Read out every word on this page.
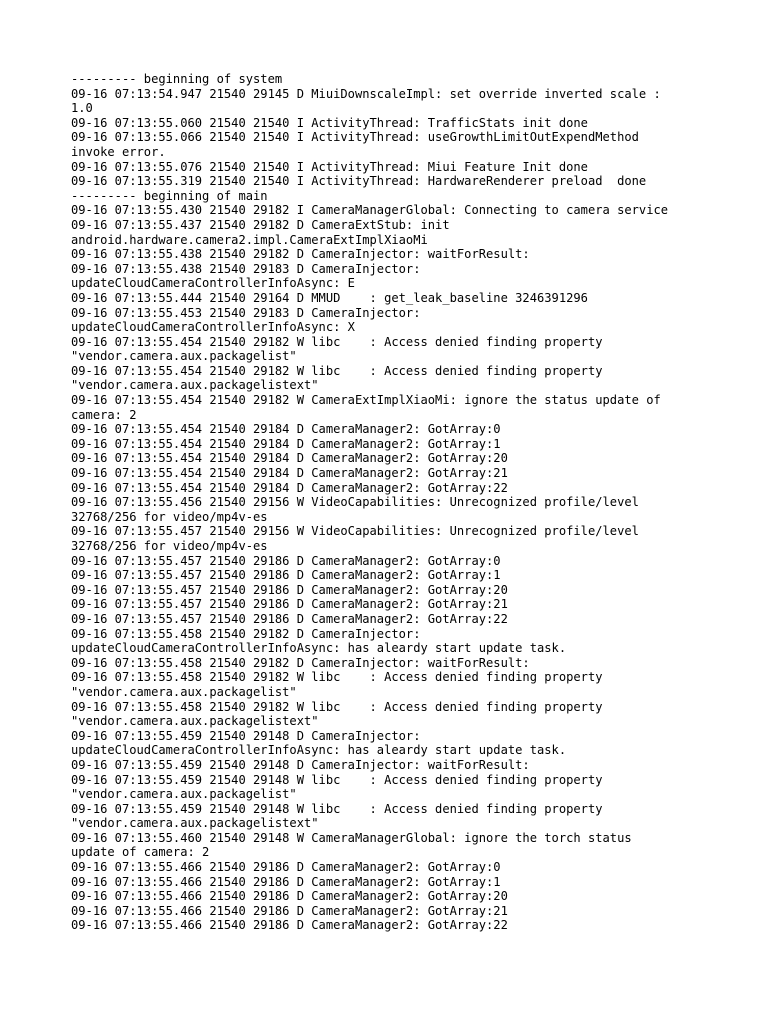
--------- beginning of system
09-16 07:13:54.947 21540 29145 D MiuiDownscaleImpl: set override inverted scale :
1.0
09-16 07:13:55.060 21540 21540 I ActivityThread: TrafficStats init done
09-16 07:13:55.066 21540 21540 I ActivityThread: useGrowthLimitOutExpendMethod
invoke error.
09-16 07:13:55.076 21540 21540 I ActivityThread: Miui Feature Init done
09-16 07:13:55.319 21540 21540 I ActivityThread: HardwareRenderer preload  done
--------- beginning of main
09-16 07:13:55.430 21540 29182 I CameraManagerGlobal: Connecting to camera service
09-16 07:13:55.437 21540 29182 D CameraExtStub: init
android.hardware.camera2.impl.CameraExtImplXiaoMi
09-16 07:13:55.438 21540 29182 D CameraInjector: waitForResult:
09-16 07:13:55.438 21540 29183 D CameraInjector:
updateCloudCameraControllerInfoAsync: E
09-16 07:13:55.444 21540 29164 D MMUD    : get_leak_baseline 3246391296
09-16 07:13:55.453 21540 29183 D CameraInjector:
updateCloudCameraControllerInfoAsync: X
09-16 07:13:55.454 21540 29182 W libc    : Access denied finding property
"vendor.camera.aux.packagelist"
09-16 07:13:55.454 21540 29182 W libc    : Access denied finding property
"vendor.camera.aux.packagelistext"
09-16 07:13:55.454 21540 29182 W CameraExtImplXiaoMi: ignore the status update of
camera: 2
09-16 07:13:55.454 21540 29184 D CameraManager2: GotArray:0
09-16 07:13:55.454 21540 29184 D CameraManager2: GotArray:1
09-16 07:13:55.454 21540 29184 D CameraManager2: GotArray:20
09-16 07:13:55.454 21540 29184 D CameraManager2: GotArray:21
09-16 07:13:55.454 21540 29184 D CameraManager2: GotArray:22
09-16 07:13:55.456 21540 29156 W VideoCapabilities: Unrecognized profile/level
32768/256 for video/mp4v-es
09-16 07:13:55.457 21540 29156 W VideoCapabilities: Unrecognized profile/level
32768/256 for video/mp4v-es
09-16 07:13:55.457 21540 29186 D CameraManager2: GotArray:0
09-16 07:13:55.457 21540 29186 D CameraManager2: GotArray:1
09-16 07:13:55.457 21540 29186 D CameraManager2: GotArray:20
09-16 07:13:55.457 21540 29186 D CameraManager2: GotArray:21
09-16 07:13:55.457 21540 29186 D CameraManager2: GotArray:22
09-16 07:13:55.458 21540 29182 D CameraInjector:
updateCloudCameraControllerInfoAsync: has aleardy start update task.
09-16 07:13:55.458 21540 29182 D CameraInjector: waitForResult:
09-16 07:13:55.458 21540 29182 W libc    : Access denied finding property
"vendor.camera.aux.packagelist"
09-16 07:13:55.458 21540 29182 W libc    : Access denied finding property
"vendor.camera.aux.packagelistext"
09-16 07:13:55.459 21540 29148 D CameraInjector:
updateCloudCameraControllerInfoAsync: has aleardy start update task.
09-16 07:13:55.459 21540 29148 D CameraInjector: waitForResult:
09-16 07:13:55.459 21540 29148 W libc    : Access denied finding property
"vendor.camera.aux.packagelist"
09-16 07:13:55.459 21540 29148 W libc    : Access denied finding property
"vendor.camera.aux.packagelistext"
09-16 07:13:55.460 21540 29148 W CameraManagerGlobal: ignore the torch status
update of camera: 2
09-16 07:13:55.466 21540 29186 D CameraManager2: GotArray:0
09-16 07:13:55.466 21540 29186 D CameraManager2: GotArray:1
09-16 07:13:55.466 21540 29186 D CameraManager2: GotArray:20
09-16 07:13:55.466 21540 29186 D CameraManager2: GotArray:21
09-16 07:13:55.466 21540 29186 D CameraManager2: GotArray:22
